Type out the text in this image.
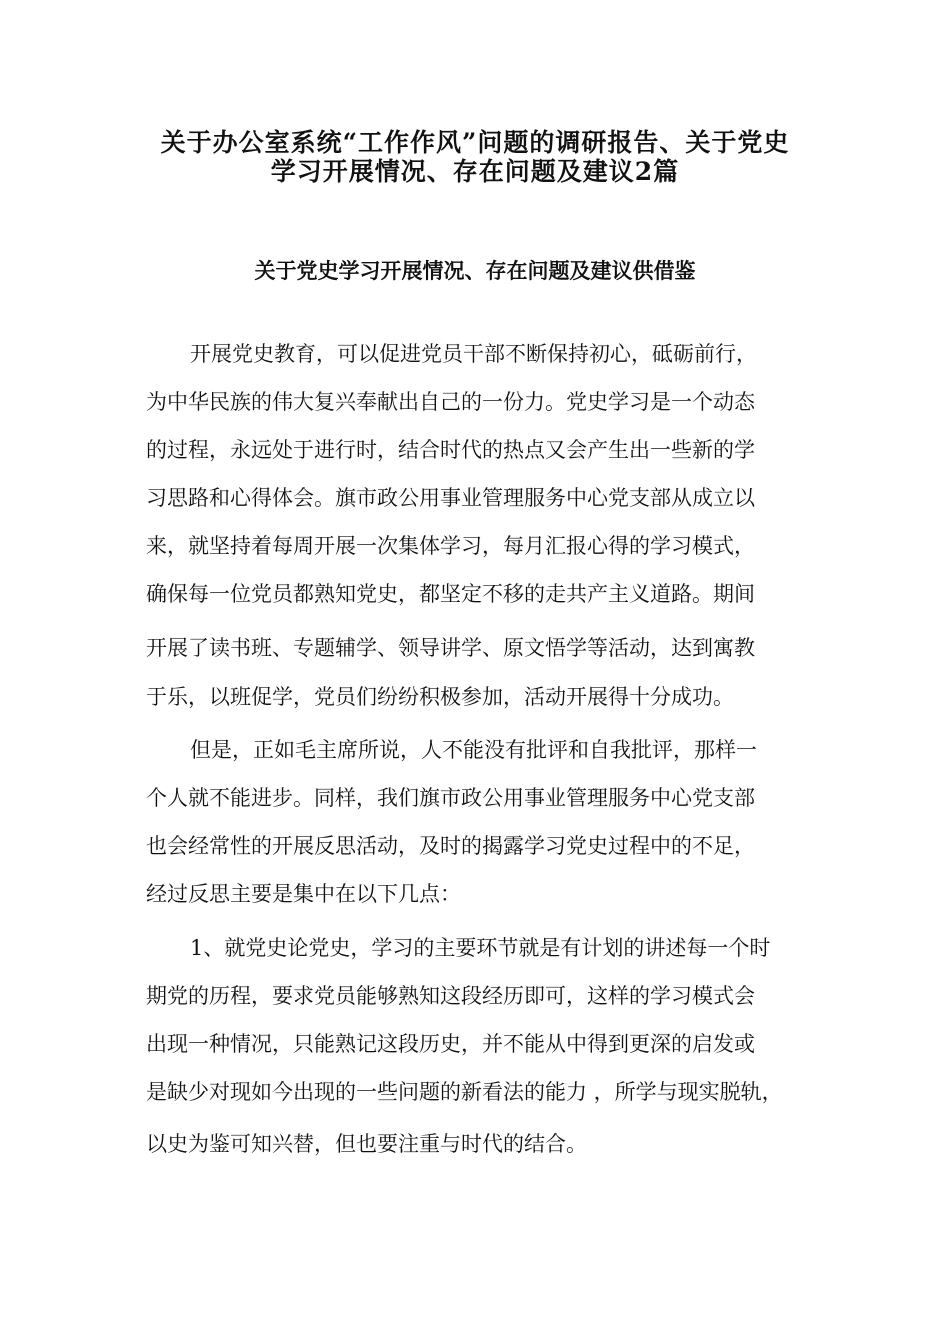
关于办公室系统“工作作风”问题的调研报告、关于党史
学习开展情况、存在问题及建议2篇
关于党史学习开展情况、存在问题及建议供借鉴
开展党史教育，可以促进党员干部不断保持初心，砥砺前行，
为中华民族的伟大复兴奉献出自己的一份力。党史学习是一个动态
的过程，永远处于进行时，结合时代的热点又会产生出一些新的学
习思路和心得体会。旗市政公用事业管理服务中心党支部从成立以
来，就坚持着每周开展一次集体学习，每月汇报心得的学习模式，
确保每一位党员都熟知党史，都坚定不移的走共产主义道路。期间
开展了读书班、专题辅学、领导讲学、原文悟学等活动，达到寓教
于乐，以班促学，党员们纷纷积极参加，活动开展得十分成功。
但是，正如毛主席所说，人不能没有批评和自我批评，那样一
个人就不能进步。同样，我们旗市政公用事业管理服务中心党支部
也会经常性的开展反思活动，及时的揭露学习党史过程中的不足，
经过反思主要是集中在以下几点：
1、就党史论党史，学习的主要环节就是有计划的讲述每一个时
期党的历程，要求党员能够熟知这段经历即可，这样的学习模式会
出现一种情况，只能熟记这段历史，并不能从中得到更深的启发或
是缺少对现如今出现的一些问题的新看法的能力 ，所学与现实脱轨，
以史为鉴可知兴替，但也要注重与时代的结合。
